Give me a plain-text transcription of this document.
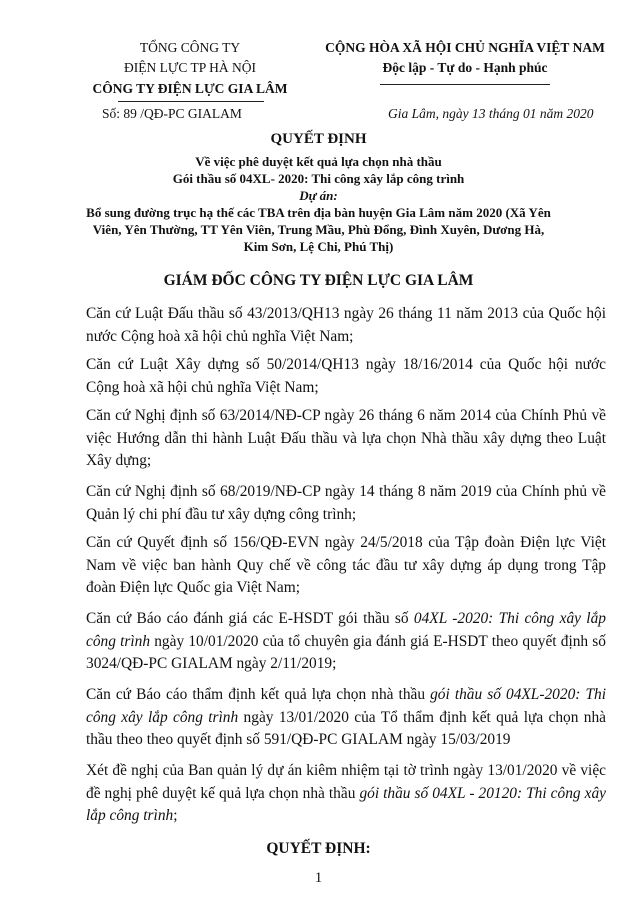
TỔNG CÔNG TY
ĐIỆN LỰC TP HÀ NỘI
CÔNG TY ĐIỆN LỰC GIA LÂM
CỘNG HÒA XÃ HỘI CHỦ NGHĨA VIỆT NAM
Độc lập - Tự do - Hạnh phúc
Số: 89 /QĐ-PC GIALAM	Gia Lâm, ngày 13 tháng 01 năm 2020
QUYẾT ĐỊNH
Về việc phê duyệt kết quả lựa chọn nhà thầu
Gói thầu số 04XL- 2020: Thi công xây lắp công trình
Dự án:
Bổ sung đường trục hạ thế các TBA trên địa bàn huyện Gia Lâm năm 2020 (Xã Yên
Viên, Yên Thường, TT Yên Viên, Trung Mầu, Phù Đổng, Đình Xuyên, Dương Hà,
Kim Sơn, Lệ Chi, Phú Thị)
GIÁM ĐỐC CÔNG TY ĐIỆN LỰC GIA LÂM
Căn cứ Luật Đấu thầu số 43/2013/QH13 ngày 26 tháng 11 năm 2013 của Quốc hội nước Cộng hoà xã hội chủ nghĩa Việt Nam;
Căn cứ Luật Xây dựng số 50/2014/QH13 ngày 18/16/2014 của Quốc hội nước Cộng hoà xã hội chủ nghĩa Việt Nam;
Căn cứ Nghị định số 63/2014/NĐ-CP ngày 26 tháng 6 năm 2014 của Chính Phủ về việc Hướng dẫn thi hành Luật Đấu thầu và lựa chọn Nhà thầu xây dựng theo Luật Xây dựng;
Căn cứ Nghị định số 68/2019/NĐ-CP ngày 14 tháng 8 năm 2019 của Chính phủ về Quản lý chi phí đầu tư xây dựng công trình;
Căn cứ Quyết định số 156/QĐ-EVN ngày 24/5/2018 của Tập đoàn Điện lực Việt Nam về việc ban hành Quy chế về công tác đầu tư xây dựng áp dụng trong Tập đoàn Điện lực Quốc gia Việt Nam;
Căn cứ Báo cáo đánh giá các E-HSDT gói thầu số 04XL -2020: Thi công xây lắp công trình ngày 10/01/2020 của tổ chuyên gia đánh giá E-HSDT theo quyết định số 3024/QĐ-PC GIALAM ngày 2/11/2019;
Căn cứ Báo cáo thẩm định kết quả lựa chọn nhà thầu gói thầu số 04XL-2020: Thi công xây lắp công trình ngày 13/01/2020 của Tổ thẩm định kết quả lựa chọn nhà thầu theo theo quyết định số 591/QĐ-PC GIALAM ngày 15/03/2019
Xét đề nghị của Ban quản lý dự án kiêm nhiệm tại tờ trình ngày 13/01/2020 về việc đề nghị phê duyệt kế quả lựa chọn nhà thầu gói thầu số 04XL - 20120: Thi công xây lắp công trình;
QUYẾT ĐỊNH:
1
